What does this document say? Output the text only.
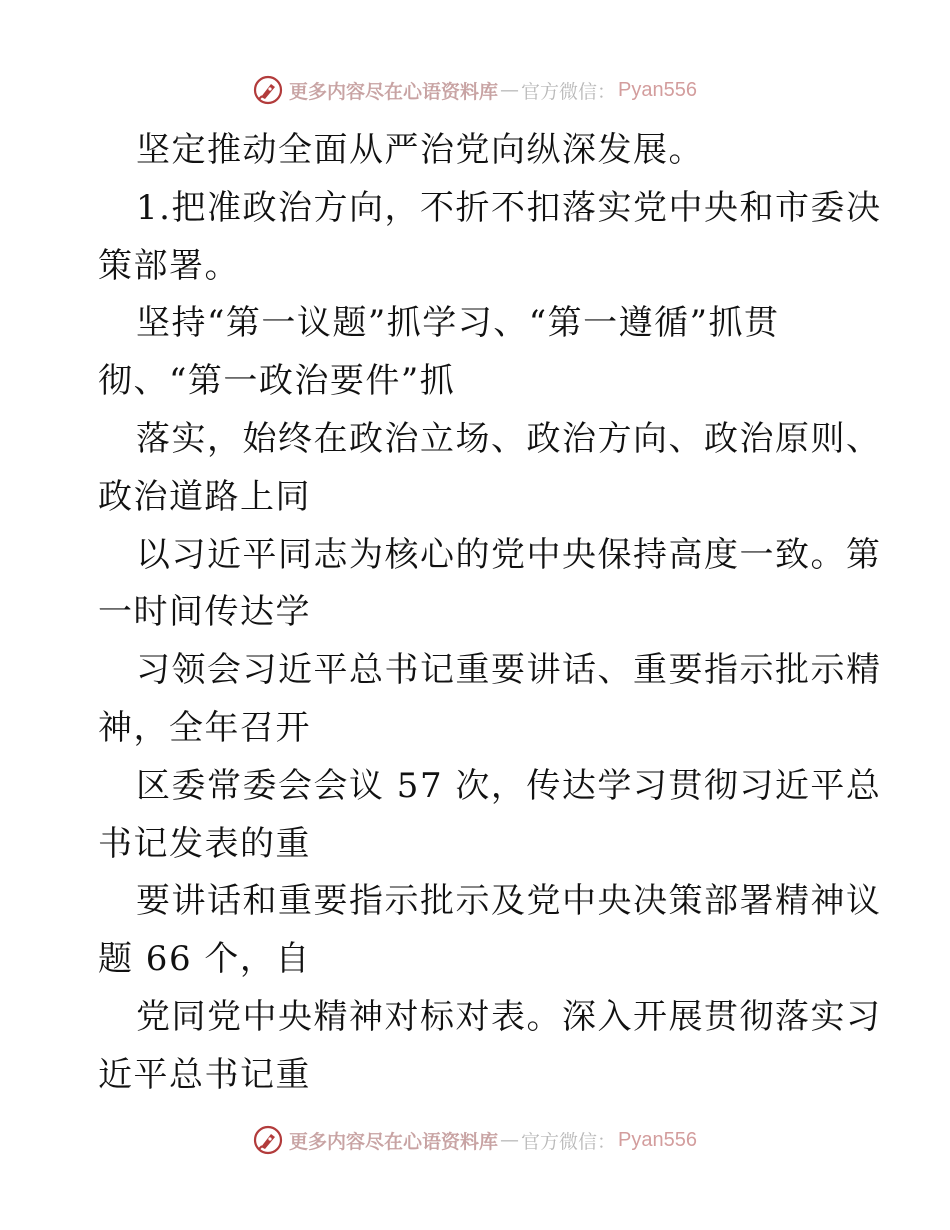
更多内容尽在心语资料库 — 官方微信： Pyan556
坚定推动全面从严治党向纵深发展。
1.把准政治方向，不折不扣落实党中央和市委决
策部署。
坚持“第一议题”抓学习、“第一遵循”抓贯
彻、“第一政治要件”抓
落实，始终在政治立场、政治方向、政治原则、
政治道路上同
以习近平同志为核心的党中央保持高度一致。第
一时间传达学
习领会习近平总书记重要讲话、重要指示批示精
神，全年召开
区委常委会会议 57 次，传达学习贯彻习近平总
书记发表的重
要讲话和重要指示批示及党中央决策部署精神议
题 66 个，自
党同党中央精神对标对表。深入开展贯彻落实习
近平总书记重
更多内容尽在心语资料库 — 官方微信： Pyan556
